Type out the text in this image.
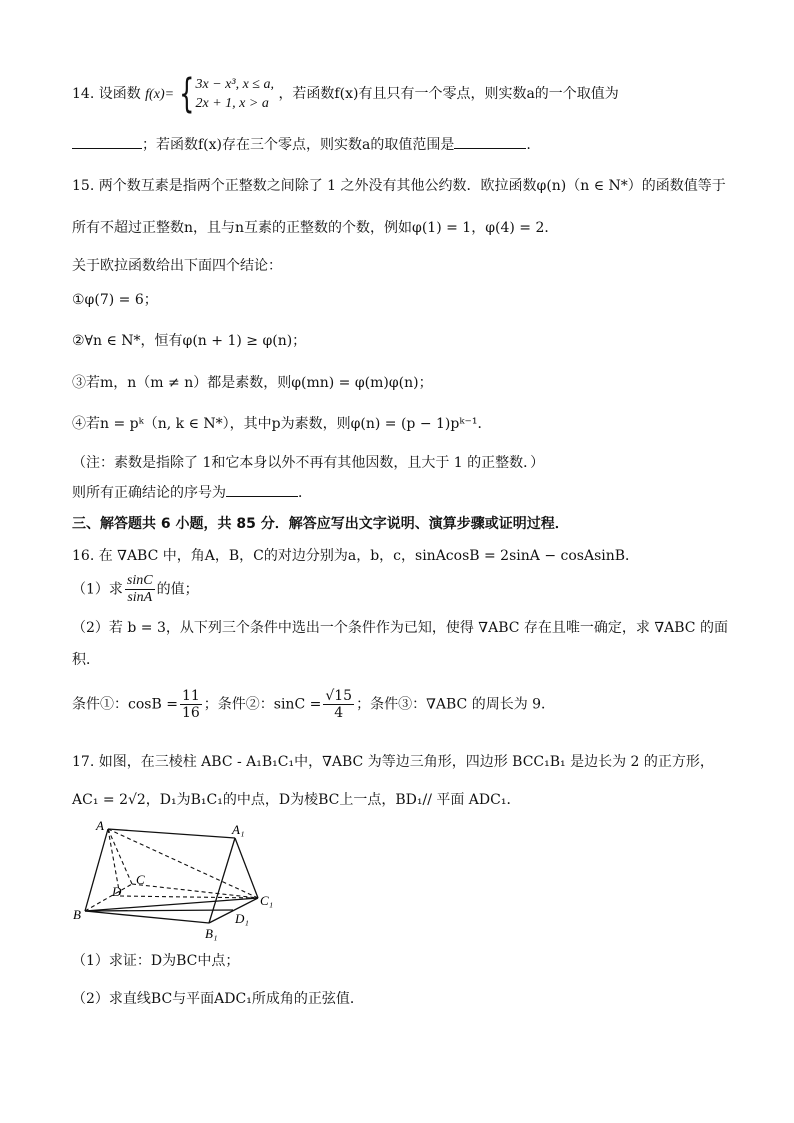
14. 设函数 f(x)= { 3x − x³, x ≤ a,
2x + 1, x > a
，若函数f(x)有且只有一个零点，则实数a的一个取值为
；若函数f(x)存在三个零点，则实数a的取值范围是	.
15. 两个数互素是指两个正整数之间除了 1 之外没有其他公约数．欧拉函数φ(n)（n ∈ N*）的函数值等于
所有不超过正整数n，且与n互素的正整数的个数，例如φ(1) = 1，φ(4) = 2．
关于欧拉函数给出下面四个结论：
①φ(7) = 6；
②∀n ∈ N*，恒有φ(n + 1) ≥ φ(n)；
③若m，n（m ≠ n）都是素数，则φ(mn) = φ(m)φ(n)；
④若n = pᵏ（n, k ∈ N*），其中p为素数，则φ(n) = (p − 1)pᵏ⁻¹．
（注：素数是指除了 1和它本身以外不再有其他因数，且大于 1 的正整数．）
则所有正确结论的序号为	．
三、解答题共 6 小题，共 85 分．解答应写出文字说明、演算步骤或证明过程．
16. 在 ∇ABC 中，角A，B，C的对边分别为a，b，c，sinAcosB = 2sinA − cosAsinB．
（1）求 $\frac{\sin C}{\sin A}$ 的值；
（2）若 b = 3，从下列三个条件中选出一个条件作为已知，使得 ∇ABC 存在且唯一确定，求 ∇ABC 的面
积．
条件①：$\cos B = \frac{11}{16}$ ；条件②：$\sin C = \frac{√15}{4}$ ；条件③：∇ABC 的周长为 9．
17. 如图，在三棱柱 ABC - A₁B₁C₁中，∇ABC 为等边三角形，四边形 BCC₁B₁ 是边长为 2 的正方形，
AC₁ = 2√2，D₁为B₁C₁的中点，D为棱BC上一点，BD₁// 平面 ADC₁．
A	A₁
B
B₁
C
C₁
D
D₁
（1）求证：D为BC中点；
（2）求直线BC与平面ADC₁所成角的正弦值．
